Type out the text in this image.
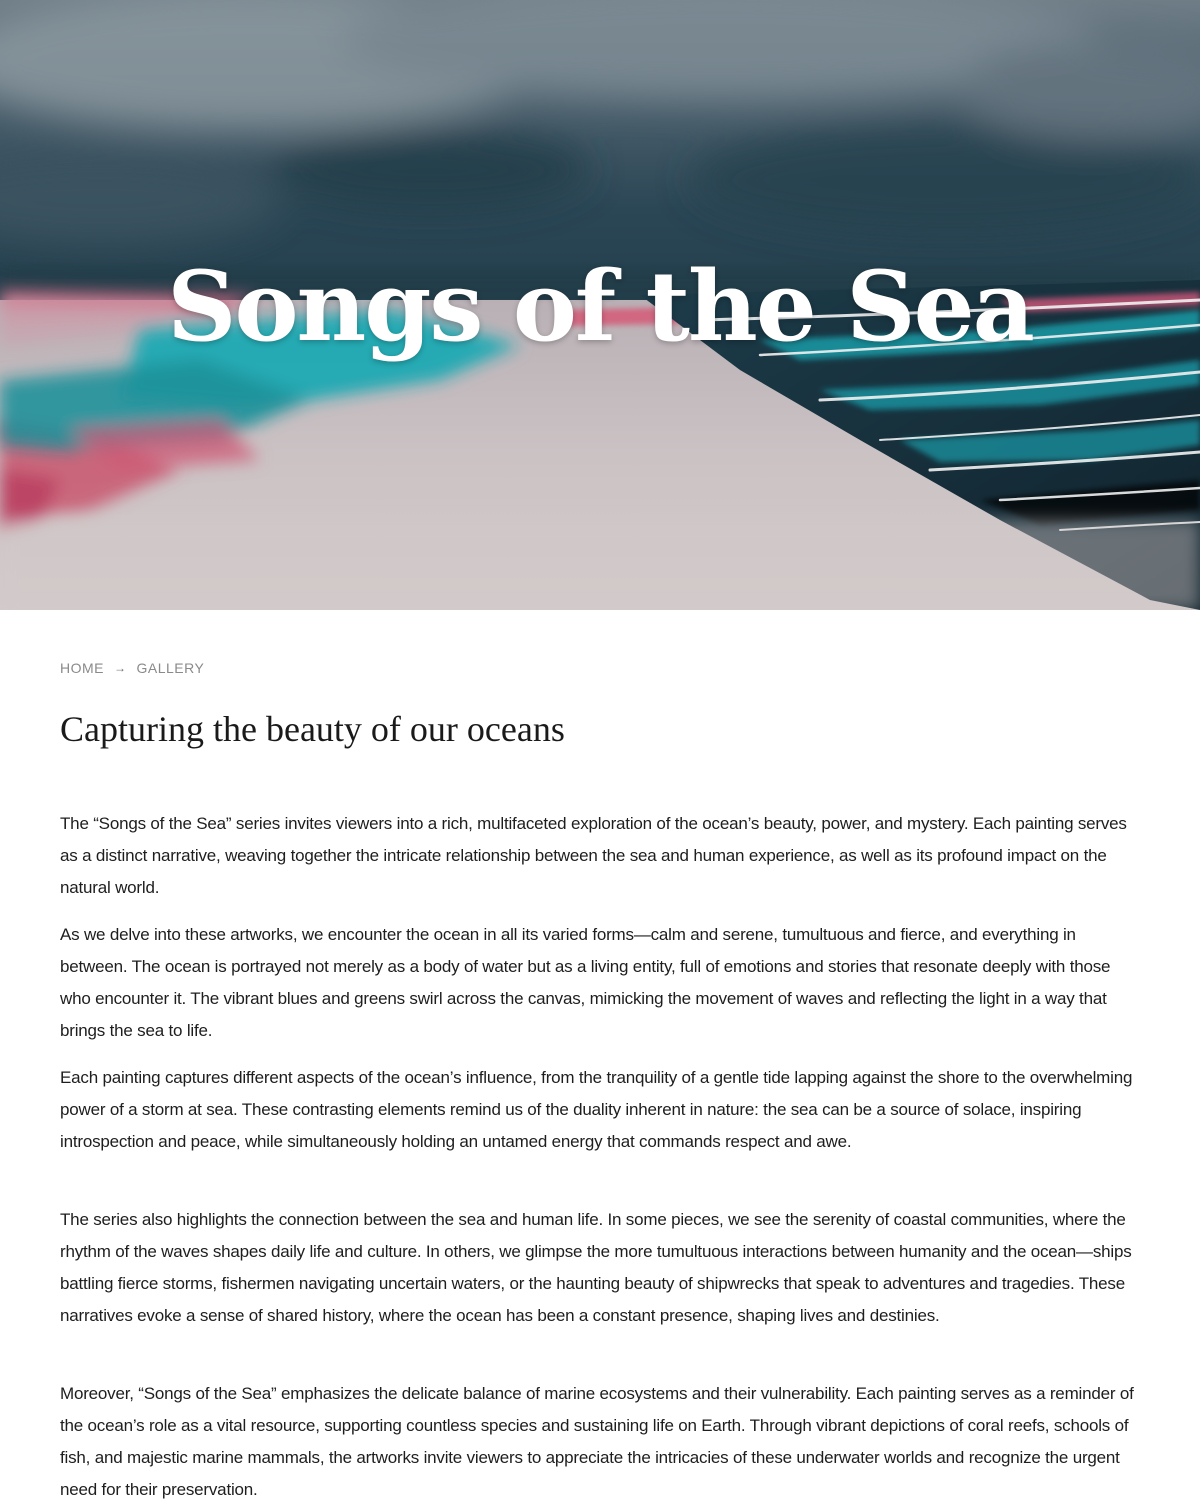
Songs of the Sea
HOME → GALLERY
Capturing the beauty of our oceans

The “Songs of the Sea” series invites viewers into a rich, multifaceted exploration of the ocean’s beauty, power, and mystery. Each painting serves as a distinct narrative, weaving together the intricate relationship between the sea and human experience, as well as its profound impact on the natural world.

As we delve into these artworks, we encounter the ocean in all its varied forms—calm and serene, tumultuous and fierce, and everything in between. The ocean is portrayed not merely as a body of water but as a living entity, full of emotions and stories that resonate deeply with those who encounter it. The vibrant blues and greens swirl across the canvas, mimicking the movement of waves and reflecting the light in a way that brings the sea to life.

Each painting captures different aspects of the ocean’s influence, from the tranquility of a gentle tide lapping against the shore to the overwhelming power of a storm at sea. These contrasting elements remind us of the duality inherent in nature: the sea can be a source of solace, inspiring introspection and peace, while simultaneously holding an untamed energy that commands respect and awe.

The series also highlights the connection between the sea and human life. In some pieces, we see the serenity of coastal communities, where the rhythm of the waves shapes daily life and culture. In others, we glimpse the more tumultuous interactions between humanity and the ocean—ships battling fierce storms, fishermen navigating uncertain waters, or the haunting beauty of shipwrecks that speak to adventures and tragedies. These narratives evoke a sense of shared history, where the ocean has been a constant presence, shaping lives and destinies.

Moreover, “Songs of the Sea” emphasizes the delicate balance of marine ecosystems and their vulnerability. Each painting serves as a reminder of the ocean’s role as a vital resource, supporting countless species and sustaining life on Earth. Through vibrant depictions of coral reefs, schools of fish, and majestic marine mammals, the artworks invite viewers to appreciate the intricacies of these underwater worlds and recognize the urgent need for their preservation.
